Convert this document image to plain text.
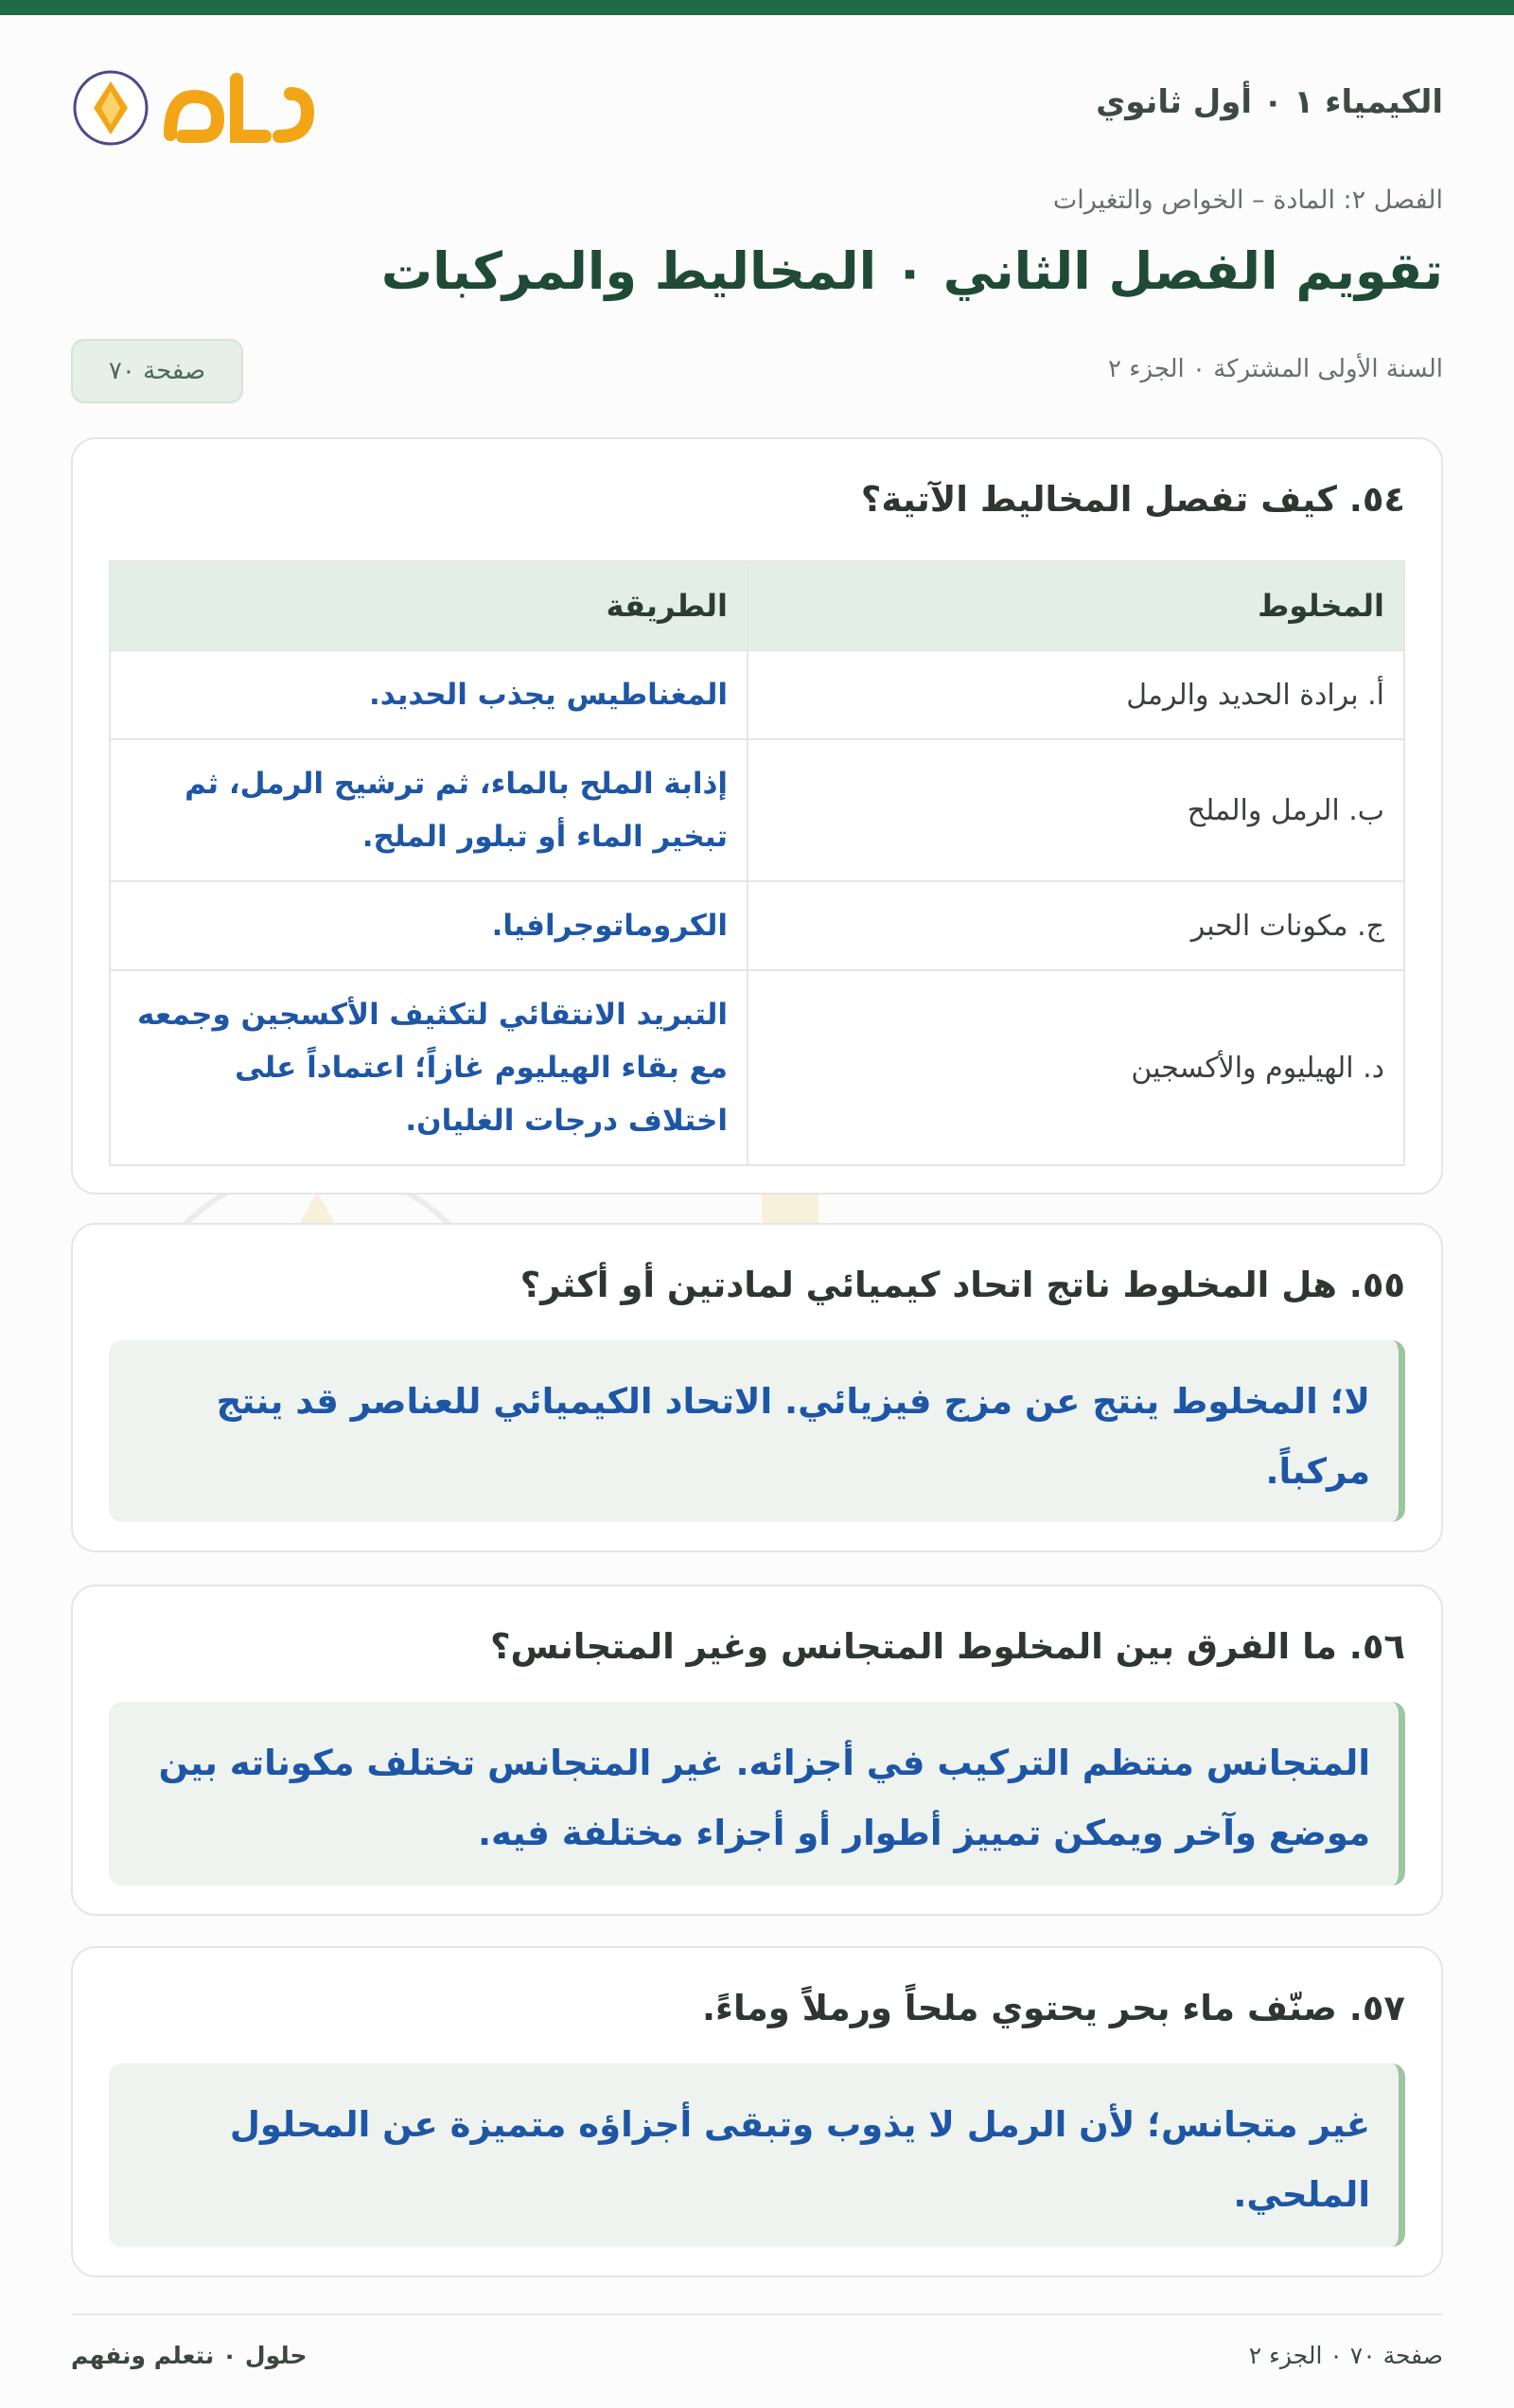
الكيمياء ١ ٠ أول ثانوي
الفصل ٢: المادة – الخواص والتغيرات
تقويم الفصل الثاني ٠ المخاليط والمركبات
السنة الأولى المشتركة ٠ الجزء ٢
صفحة ٧٠
٥٤. كيف تفصل المخاليط الآتية؟
المخلوط	الطريقة
أ. برادة الحديد والرمل	المغناطيس يجذب الحديد.
ب. الرمل والملح	إذابة الملح بالماء، ثم ترشيح الرمل، ثم تبخير الماء أو تبلور الملح.
ج. مكونات الحبر	الكروماتوجرافيا.
د. الهيليوم والأكسجين	التبريد الانتقائي لتكثيف الأكسجين وجمعه مع بقاء الهيليوم غازاً؛ اعتماداً على اختلاف درجات الغليان.
٥٥. هل المخلوط ناتج اتحاد كيميائي لمادتين أو أكثر؟
لا؛ المخلوط ينتج عن مزج فيزيائي. الاتحاد الكيميائي للعناصر قد ينتج مركباً.
٥٦. ما الفرق بين المخلوط المتجانس وغير المتجانس؟
المتجانس منتظم التركيب في أجزائه. غير المتجانس تختلف مكوناته بين موضع وآخر ويمكن تمييز أطوار أو أجزاء مختلفة فيه.
٥٧. صنّف ماء بحر يحتوي ملحاً ورملاً وماءً.
غير متجانس؛ لأن الرمل لا يذوب وتبقى أجزاؤه متميزة عن المحلول الملحي.
حلول ٠ نتعلم ونفهم	صفحة ٧٠ ٠ الجزء ٢
